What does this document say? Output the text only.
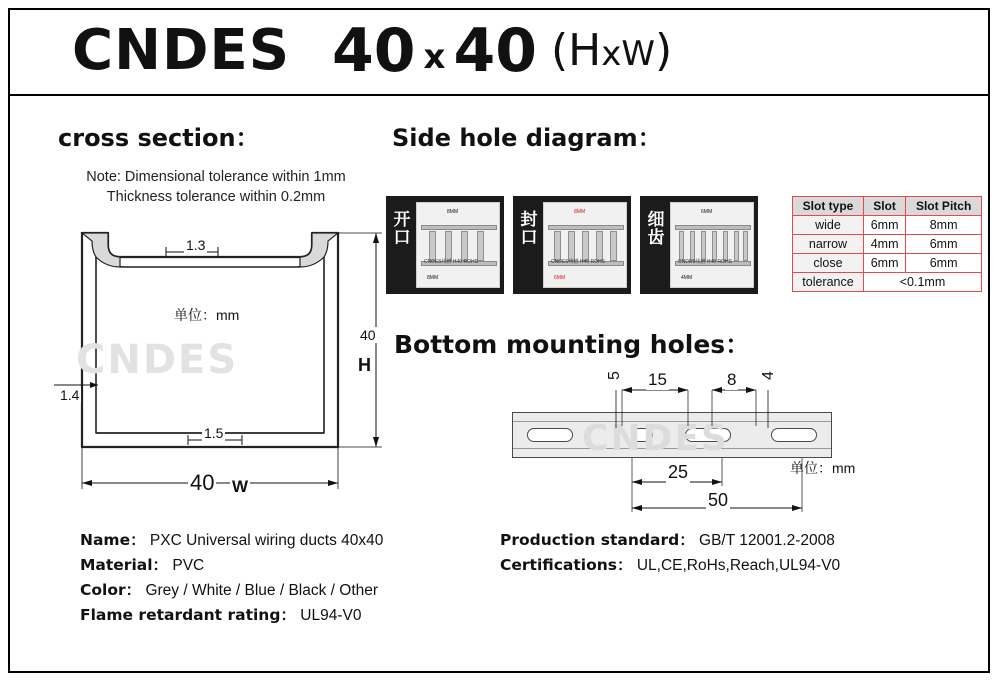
CNDES 40 x 40 (HxW)
cross section：	Side hole diagram：
Bottom mounting holes：
Note: Dimensional tolerance within 1mm
Thickness tolerance within 0.2mm
CNDES
1.3
1.4
1.5
40
H
40 W
单位：mm
开口
8MM
8MM
CNDES线槽 H40 ROHS
封口
8MM
6MM
CNDES线槽 H40 ROHS
细齿
6MM
4MM
CNDES线槽 H40 ROHS
Slot type	Slot	Slot Pitch
wide	6mm	8mm
narrow	4mm	6mm
close	6mm	6mm
tolerance	<0.1mm	
CNDES
15	8
5	4
25
50
单位：mm
Name： PXC Universal wiring ducts 40x40
Material： PVC
Color： Grey / White / Blue / Black / Other
Flame retardant rating： UL94-V0
Production standard： GB/T 12001.2-2008
Certifications： UL,CE,RoHs,Reach,UL94-V0
